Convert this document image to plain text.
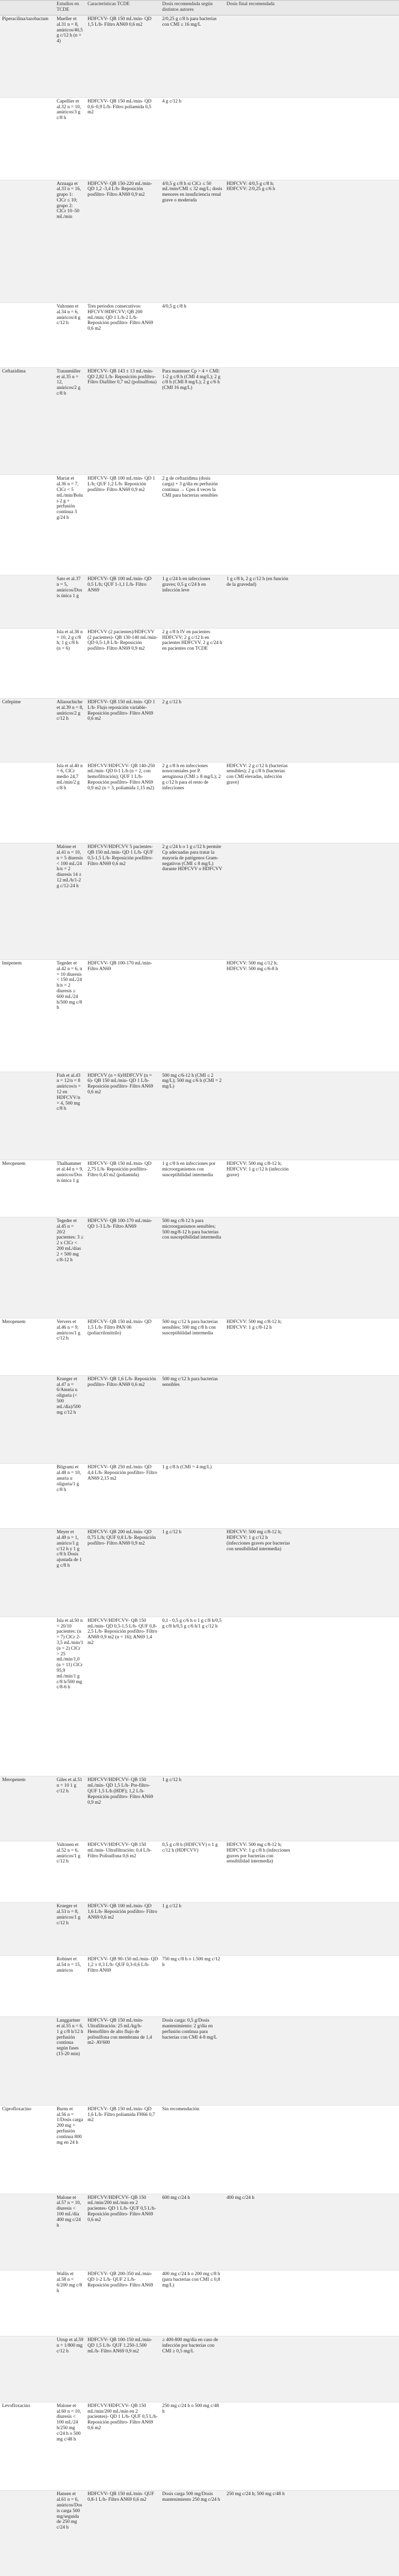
	Estudios en TCDE	Características TCDE	Dosis recomendada según distintos autores	Dosis final recomendada	
Piperacilina/tazobactam	Mueller et al.31 n = 8, anúricos/40,5 g c/12 h (n = 4)	HDFCVV- QB 150 mL/min- QD 1,5 L/h- Filtro AN69 0,6 m2	2/0,25 g c/8 h para bacterias con CMI ≤ 16 mg/L		
	Capellier et al.32 n = 10, anúricos/3 g c/8 h	HDFCVV- QB 150 mL/min- QD 0,6–0,9 L/h- Filtro poliamida 0,5 m2	4 g c/12 h		
	Arzuaga et al.33 n = 16, grupo 1: ClCr ≤ 10; grupo 2: ClCr 10–50 mL/min	HDFCVV- QB 150-220 mL/min- QD 1,2 -3,4 L/h- Reposición posfiltro- Filtro AN69 0,9 m2	4/0,5 g c/8 h si ClCr ≤ 50 mL/min/CMI ≤ 32 mg/L; dosis menores en insuficiencia renal grave o moderada	HDFCVV: 4/0,5 g c/8 h; HDFCVV: 2/0,25 g c/6 h	
	Valtonen et al.34 n = 6, anúricos/4 g c/12 h	Tres periodos consecutivos: HFCVV/HDFCVV; QB 200 mL/min; QD 1 L/h-2 L/h- Reposición posfiltro- Filtro AN69 0,6 m2	4/0,5 g c/8 h		
Ceftazidima	Traunmüller et al.35 n = 12, anúricos/2 g c/8 h	HDFCVV- QB 143 ± 13 mL/min- QD 2,82 L/h- Reposición posfiltro- Filtro Diafilter 0,7 m2 (polisulfona)	Para mantener Cp > 4 × CMI: 1-2 g c/8 h (CMI 4 mg/L); 2 g c/8 h (CMI 8 mg/L); 2 g c/6 h (CMI 16 mg/L)		
	Mariat et al.36 n = 7, ClCr < 5 mL/min/Bolus 2 g + perfusión continua 3 g/24 h	HDFCVV- QB 100 mL/min- QD 1 L/h; QUF 1,2 L/h- Reposición posfiltro- Filtro AN69 0,9 m2	2 g de ceftazidima (dosis carga) + 3 g/día en perfusión continua → Cpss 4 veces la CMI para bacterias sensibles		
	Sato et al.37 n = 5, anúricos/Dosis única 1 g	HDFCVV- QB 100 mL/min- QD 0,5 L/h; QUF 1-1,1 L/h- Filtro AN69	1 g c/24 h en infecciones graves; 0,5 g c/24 h en infección leve	1 g c/8 h, 2 g c/12 h (en función de la gravedad)	
	Isla et al.38 n = 10, 2 g c/8 h; 1 g c/8 h (n = 6)	HDFCVV (2 pacientes)/HDFCVV (2 pacientes)- QB 130-140 mL/min- QD 0,5-1,8 L/h- Reposición posfiltro- Filtro AN69 0,9 m2	2 g c/8 h IV en pacientes HDFCVV; 2 g c/12 h en pacientes HDFCVV. 2 g c/24 h en pacientes con TCDE		
Cefepime	Allaouchiche et al.39 n = 8, anúricos/2 g c/12 h	HDFCVV- QB 150 mL/min- QD 1 L/h- Flujo reposición variable- Reposición posfiltro- Filtro AN69 0,6 m2	2 g c/12 h		
	Isla et al.40 n = 6, ClCr medio 24,7 mL/min/2 g c/8 h	HDFCVV/HDFCVV- QB 140-250 mL/min- QD 0-1 L/h (n = 2, con hemofiltración); QUF 1 L/h- Reposición posfiltro- Filtro AN69 0,9 m2 (n = 3, poliamida 1,15 m2)	2 g c/8 h en infecciones nosocomiales por P. aeruginosa (CMI ≥ 8 mg/L); 2 g c/12 h para el resto de infecciones	HDFCVV: 2 g c/12 h (bacterias sensibles); 2 g c/8 h (bacterias con CMI elevadas, infección grave)	
	Malone et al.41 n = 10, n = 5 diuresis < 100 mL/24 h/n = 2 diuresis 14 ± 12 mL/h/1-2 g c/12-24 h	HDFCVV/HDFCVV 5 pacientes- QB 150 mL/min- QD 1 L/h- QUF 0,5-1,5 L/h- Reposición posfiltro- Filtro AN69 0,6 m2	2 g c/24 h o 1 g c/12 h permite Cp adecuadas para tratar la mayoría de patógenos Gram-negativos (CMI ≤ 8 mg/L) durante HDFCVV o HDFCVV		
Imipenem	Tegeder et al.42 n = 6, n = 10 diuresis < 150 mL/24 h/n = 2 diuresis ≥ 600 mL/24 h/500 mg c/8 h	HDFCVV- QB 100-170 mL/min- Filtro AN69		HDFCVV: 500 mg c/12 h; HDFCVV: 500 mg c/6-8 h	
	Fish et al.43 n = 12/n = 8 anúricos/n = 12 en HDFCVV/n = 4, 500 mg c/8 h	HDFCVV (n = 6)/HDFCVV (n = 6)- QB 150 mL/min- QD 1 L/h- Reposición posfiltro- Filtro AN69 0,6 m2	500 mg c/6-12 h (CMI ≤ 2 mg/L); 500 mg c/6 h (CMI = 2 mg/L)		
Meropenem	Thalhammer et al.44 n = 9, anúricos/Dosis única 1 g	HDFCVV- QB 150 mL/min- QD 2,75 L/h- Reposición posfiltro- Filtro 0,43 m2 (poliamida)	1 g c/8 h en infecciones por microorganismos con susceptibilidad intermedia	HDFCVV: 500 mg c/8-12 h; HDFCVV: 1 g c/12 h (infección grave)	
	Tegeder et al.45 n = 20/2 pacientes: 3 ≥ 2 x ClCr < 200 mL/días 2 × 500 mg c/8-12 h	HDFCVV- QB 100-170 mL/min- QD 1-3 L/h- Filtro AN69	500 mg c/8-12 h para microorganismos sensibles; 500 mg/8-12 h para bacterias con susceptibilidad intermedia		
Meropenem	Ververs et al.46 n = 9, anúricos/1 g c/12 h	HDFCVV- QB 150 mL/min- QD 1,5 L/h- Filtro PAN 06 (poliacrilonitrilo)	500 mg c/12 h para bacterias sensibles; 500 mg c/8 h con susceptibilidad intermedia	HDFCVV: 500 mg c/8-12 h; HDFCVV: 1 g c/8-12 h	
	Krueger et al.47 n = 6/Anuria u oliguria (< 500 mL/día)/500 mg c/12 h	HDFCVV- QB 1,6 L/h- Reposición posfiltro- Filtro AN69 0,6 m2	500 mg c/12 h para bacterias sensibles		
	Bilgrami et al.48 n = 10, anuria u oliguria/1 g c/8 h	HDFCVV- QB 250 mL/min- QD 4,4 L/h- Reposición posfiltro- Filtro AN69 2,15 m2	1 g c/8 h (CMI = 4 mg/L)		
	Meyer et al.49 n = 1, anúrico/1 g c/12 h y 1 g c/8 h Dosis ajustada de 1 g c/8 h	HDFCVV- QB 200 mL/min- QD 0,75 L/h; QUF 0,8 L/h- Reposición posfiltro- Filtro AN69 0,9 m2	1 g c/12 h	HDFCVV: 500 mg c/8-12 h; HDFCVV: 1 g c/12 h (infecciones graves por bacterias con sensibilidad intermedia)	
	Isla et al.50 n = 20/10 pacientes: (n = 7) ClCr 2-3,5 mL/min/1 (n = 2) ClCr > 25 mL/min/1,0 (n = 11) ClCr 95,9 mL/min/1 g c/8 h/500 mg c/8-6 h	HDFCVV/HDFCVV- QB 150 mL/min- QD 0,5-1,5 L/h- QUF 0,8-2,5 L/h- Reposición posfiltro- Filtro AN69 0,9 m2 (n = 16); AN69 1,4 m2	0,1 - 0,5 g c/6 h o 1 g c/8 h/0,5 g c/8 h/0,5 g c/6 h/1 g c/12 h		
Meropenem	Giles et al.51 n = 10 1 g c/12 h	HDFCVV/HDFCVV- QB 150 mL/min- QD 1,5 L/h- Pre-filtro- QUF 1,5 L/h (HDF); 1,2 L/h- Reposición posfiltro- Filtro AN69 0,9 m2	1 g c/12 h		
	Valtonen et al.52 n = 6, anúricos/1 g c/12 h	HDFCVV/HDFCVV- QB 150 mL/min- Ultrafiltración: 0,4 L/h- Filtro Polisulfona 0,6 m2	0,5 g c/8 h (HDFCVV) o 1 g c/12 h (HDFCVV)	HDFCVV: 500 mg c/8-12 h; HDFCVV: 1 g c/8 h (infecciones graves por bacterias con sensibilidad intermedia)	
	Krueger et al.53 n = 8, anúricos/1 g c/12 h	HDFCVV- QB 100 mL/min- QD 1,6 L/h- Reposición posfiltro- Filtro AN69 0,6 m2	1 g c/12 h		
	Robinet et al.54 n = 15, anúricos	HDFCVV- QB 90-150 mL/min- QD 1,2 ± 0,3 L/h- QUF 0,3-0,6 L/h- Filtro AN69	750 mg c/8 h o 1.500 mg c/12 h		
	Langgartner et al.55 n = 6, 1 g c/8 h/12 h perfusión continua según fases (15-20 min)	HDFCVV- QB 150 mL/min- Ultrafiltración: 25 mL/kg/h- Hemofiltro de alto flujo de polisulfona con membrana de 1,4 m2- AV600	Dosis carga: 0,5 g/Dosis mantenimiento: 2 g/día en perfusión continua para bacterias con CMI 4-8 mg/L		
Ciprofloxacino	Burns et al.56 n = 1/Dosis carga 200 mg + perfusión continua 800 mg en 24 h	HDFCVV- QB 150 mL/min- QD 1,6 L/h- Filtro poliamida FH66 0,7 m2	Sin recomendación		
	Malone et al.57 n = 10, diuresis < 100 mL/día 400 mg c/24 h	HDFCVV/HDFCVV- QB 150 mL/min/200 mL/min en 2 pacientes- QD 1 L/h- QUF 0,5 L/h- Reposición posfiltro- Filtro AN69 0,6 m2	600 mg c/24 h	400 mg c/24 h	
	Wallis et al.58 n = 6/200 mg c/8 h	HDFCVV- QB 200-350 mL/min- QD 1-2 L/h- QUF 2 L/h- Reposición posfiltro- Filtro AN69	400 mg c/24 h o 200 mg c/8 h (para bacterias con CMI ≤ 0,8 mg/L)		
	Utrup et al.59 n = 1/800 mg c/12 h	HDFCVV- QB 100-150 mL/min- QD 1,5 L/h- QUF 1.250-1.500 mL/h- Filtro AN69 0,9 m2	≥ 400-800 mg/día en caso de infección por bacterias con CMI ≥ 0,5 mg/L		
Levofloxacino	Malone et al.60 n = 10, diuresis < 100 mL/24 h/250 mg c/24 h o 500 mg c/48 h	HDFCVV/HDFCVV- QB 150 mL/min/200 mL/min en 2 pacientes)- QD 1 L/h- QUF 0,5 L/h- Reposición posfiltro- Filtro AN69 0,6 m2	250 mg c/24 h o 500 mg c/48 h		
	Hansen et al.61 n = 6, anúricos/Dosis carga 500 mg/seguida de 250 mg c/24 h	HDFCVV- QB 150 mL/min- QUF 0,8-1 L/h- Filtro AN69 0,6 m2	Dosis carga 500 mg/Dosis mantenimiento 250 mg c/24 h	250 mg c/24 h; 500 mg c/48 h	
